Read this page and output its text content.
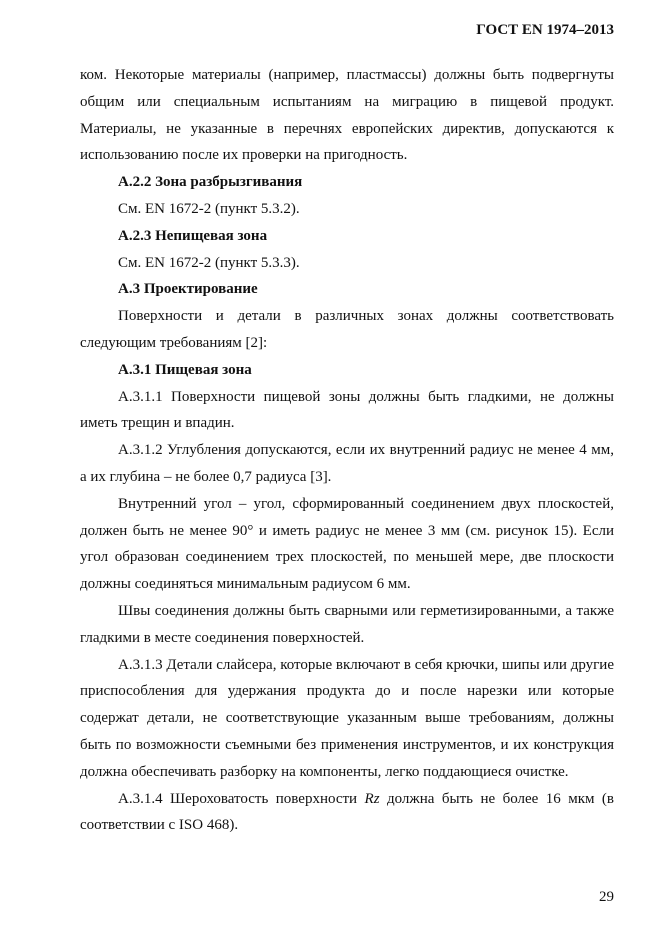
ГОСТ EN 1974–2013

ком. Некоторые материалы (например, пластмассы) должны быть подвергнуты общим или специальным испытаниям на миграцию в пищевой продукт. Материалы, не указанные в перечнях европейских директив, допускаются к использованию после их проверки на пригодность.

А.2.2 Зона разбрызгивания

См. EN 1672-2 (пункт 5.3.2).

А.2.3 Непищевая зона

См. EN 1672-2 (пункт 5.3.3).

А.3 Проектирование

Поверхности и детали в различных зонах должны соответствовать следующим требованиям [2]:

А.3.1 Пищевая зона

А.3.1.1 Поверхности пищевой зоны должны быть гладкими, не должны иметь трещин и впадин.

А.3.1.2 Углубления допускаются, если их внутренний радиус не менее 4 мм, а их глубина – не более 0,7 радиуса [3].

Внутренний угол – угол, сформированный соединением двух плоскостей, должен быть не менее 90° и иметь радиус не менее 3 мм (см. рисунок 15). Если угол образован соединением трех плоскостей, по меньшей мере, две плоскости должны соединяться минимальным радиусом 6 мм.

Швы соединения должны быть сварными или герметизированными, а также гладкими в месте соединения поверхностей.

А.3.1.3 Детали слайсера, которые включают в себя крючки, шипы или другие приспособления для удержания продукта до и после нарезки или которые содержат детали, не соответствующие указанным выше требованиям, должны быть по возможности съемными без применения инструментов, и их конструкция должна обеспечивать разборку на компоненты, легко поддающиеся очистке.

А.3.1.4 Шероховатость поверхности Rz должна быть не более 16 мкм (в соответствии с ISO 468).

29
